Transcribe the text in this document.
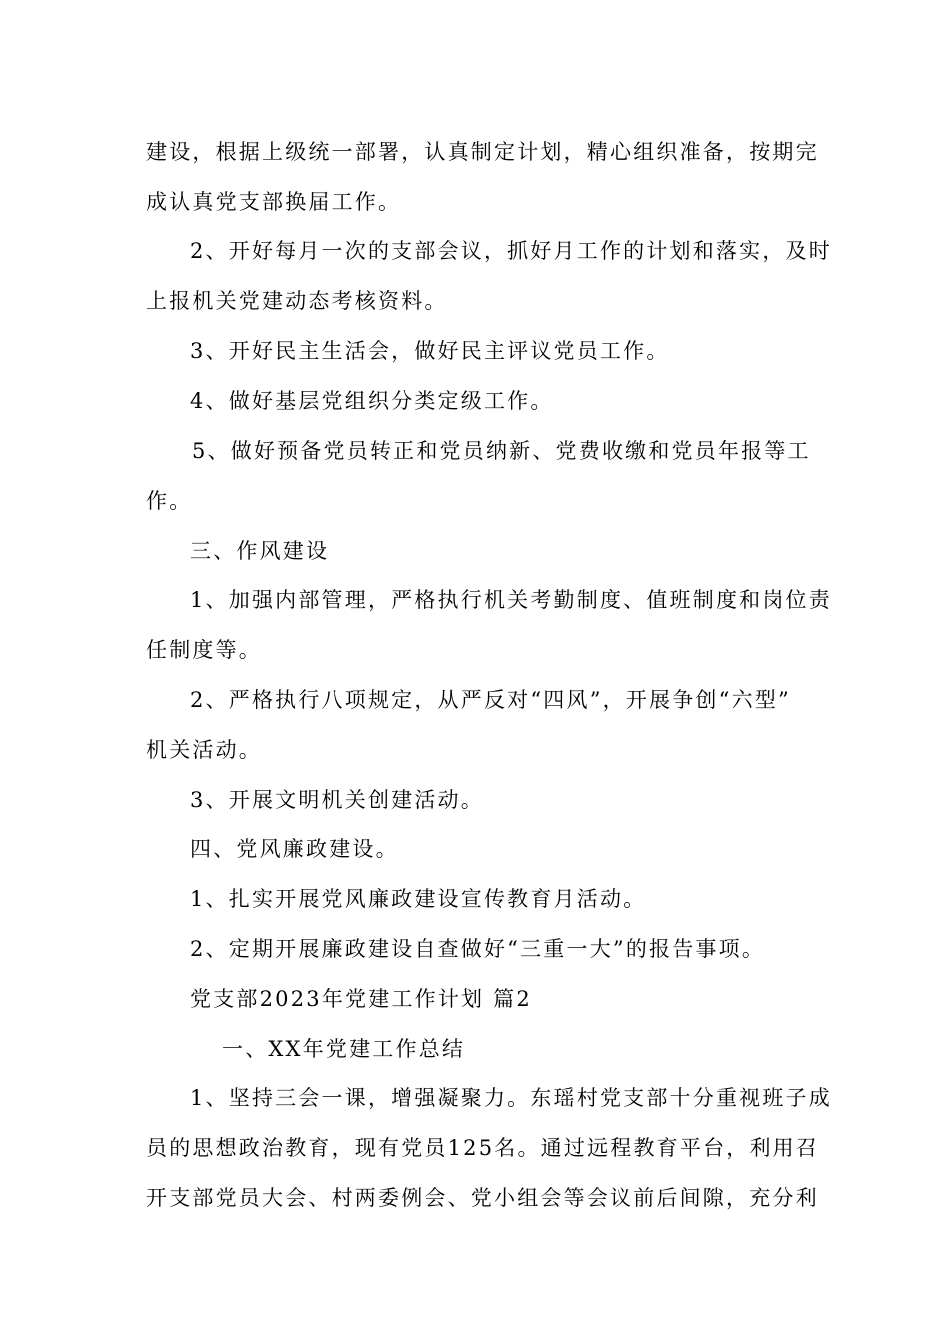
建设，根据上级统一部署，认真制定计划，精心组织准备，按期完
成认真党支部换届工作。
2、开好每月一次的支部会议，抓好月工作的计划和落实，及时
上报机关党建动态考核资料。
3、开好民主生活会，做好民主评议党员工作。
4、做好基层党组织分类定级工作。
5、做好预备党员转正和党员纳新、党费收缴和党员年报等工
作。
三、作风建设
1、加强内部管理，严格执行机关考勤制度、值班制度和岗位责
任制度等。
2、严格执行八项规定，从严反对“四风”，开展争创“六型”
机关活动。
3、开展文明机关创建活动。
四、党风廉政建设。
1、扎实开展党风廉政建设宣传教育月活动。
2、定期开展廉政建设自查做好“三重一大”的报告事项。
党支部2023年党建工作计划 篇2
一、XX年党建工作总结
1、坚持三会一课，增强凝聚力。东瑶村党支部十分重视班子成
员的思想政治教育，现有党员125名。通过远程教育平台，利用召
开支部党员大会、村两委例会、党小组会等会议前后间隙，充分利
